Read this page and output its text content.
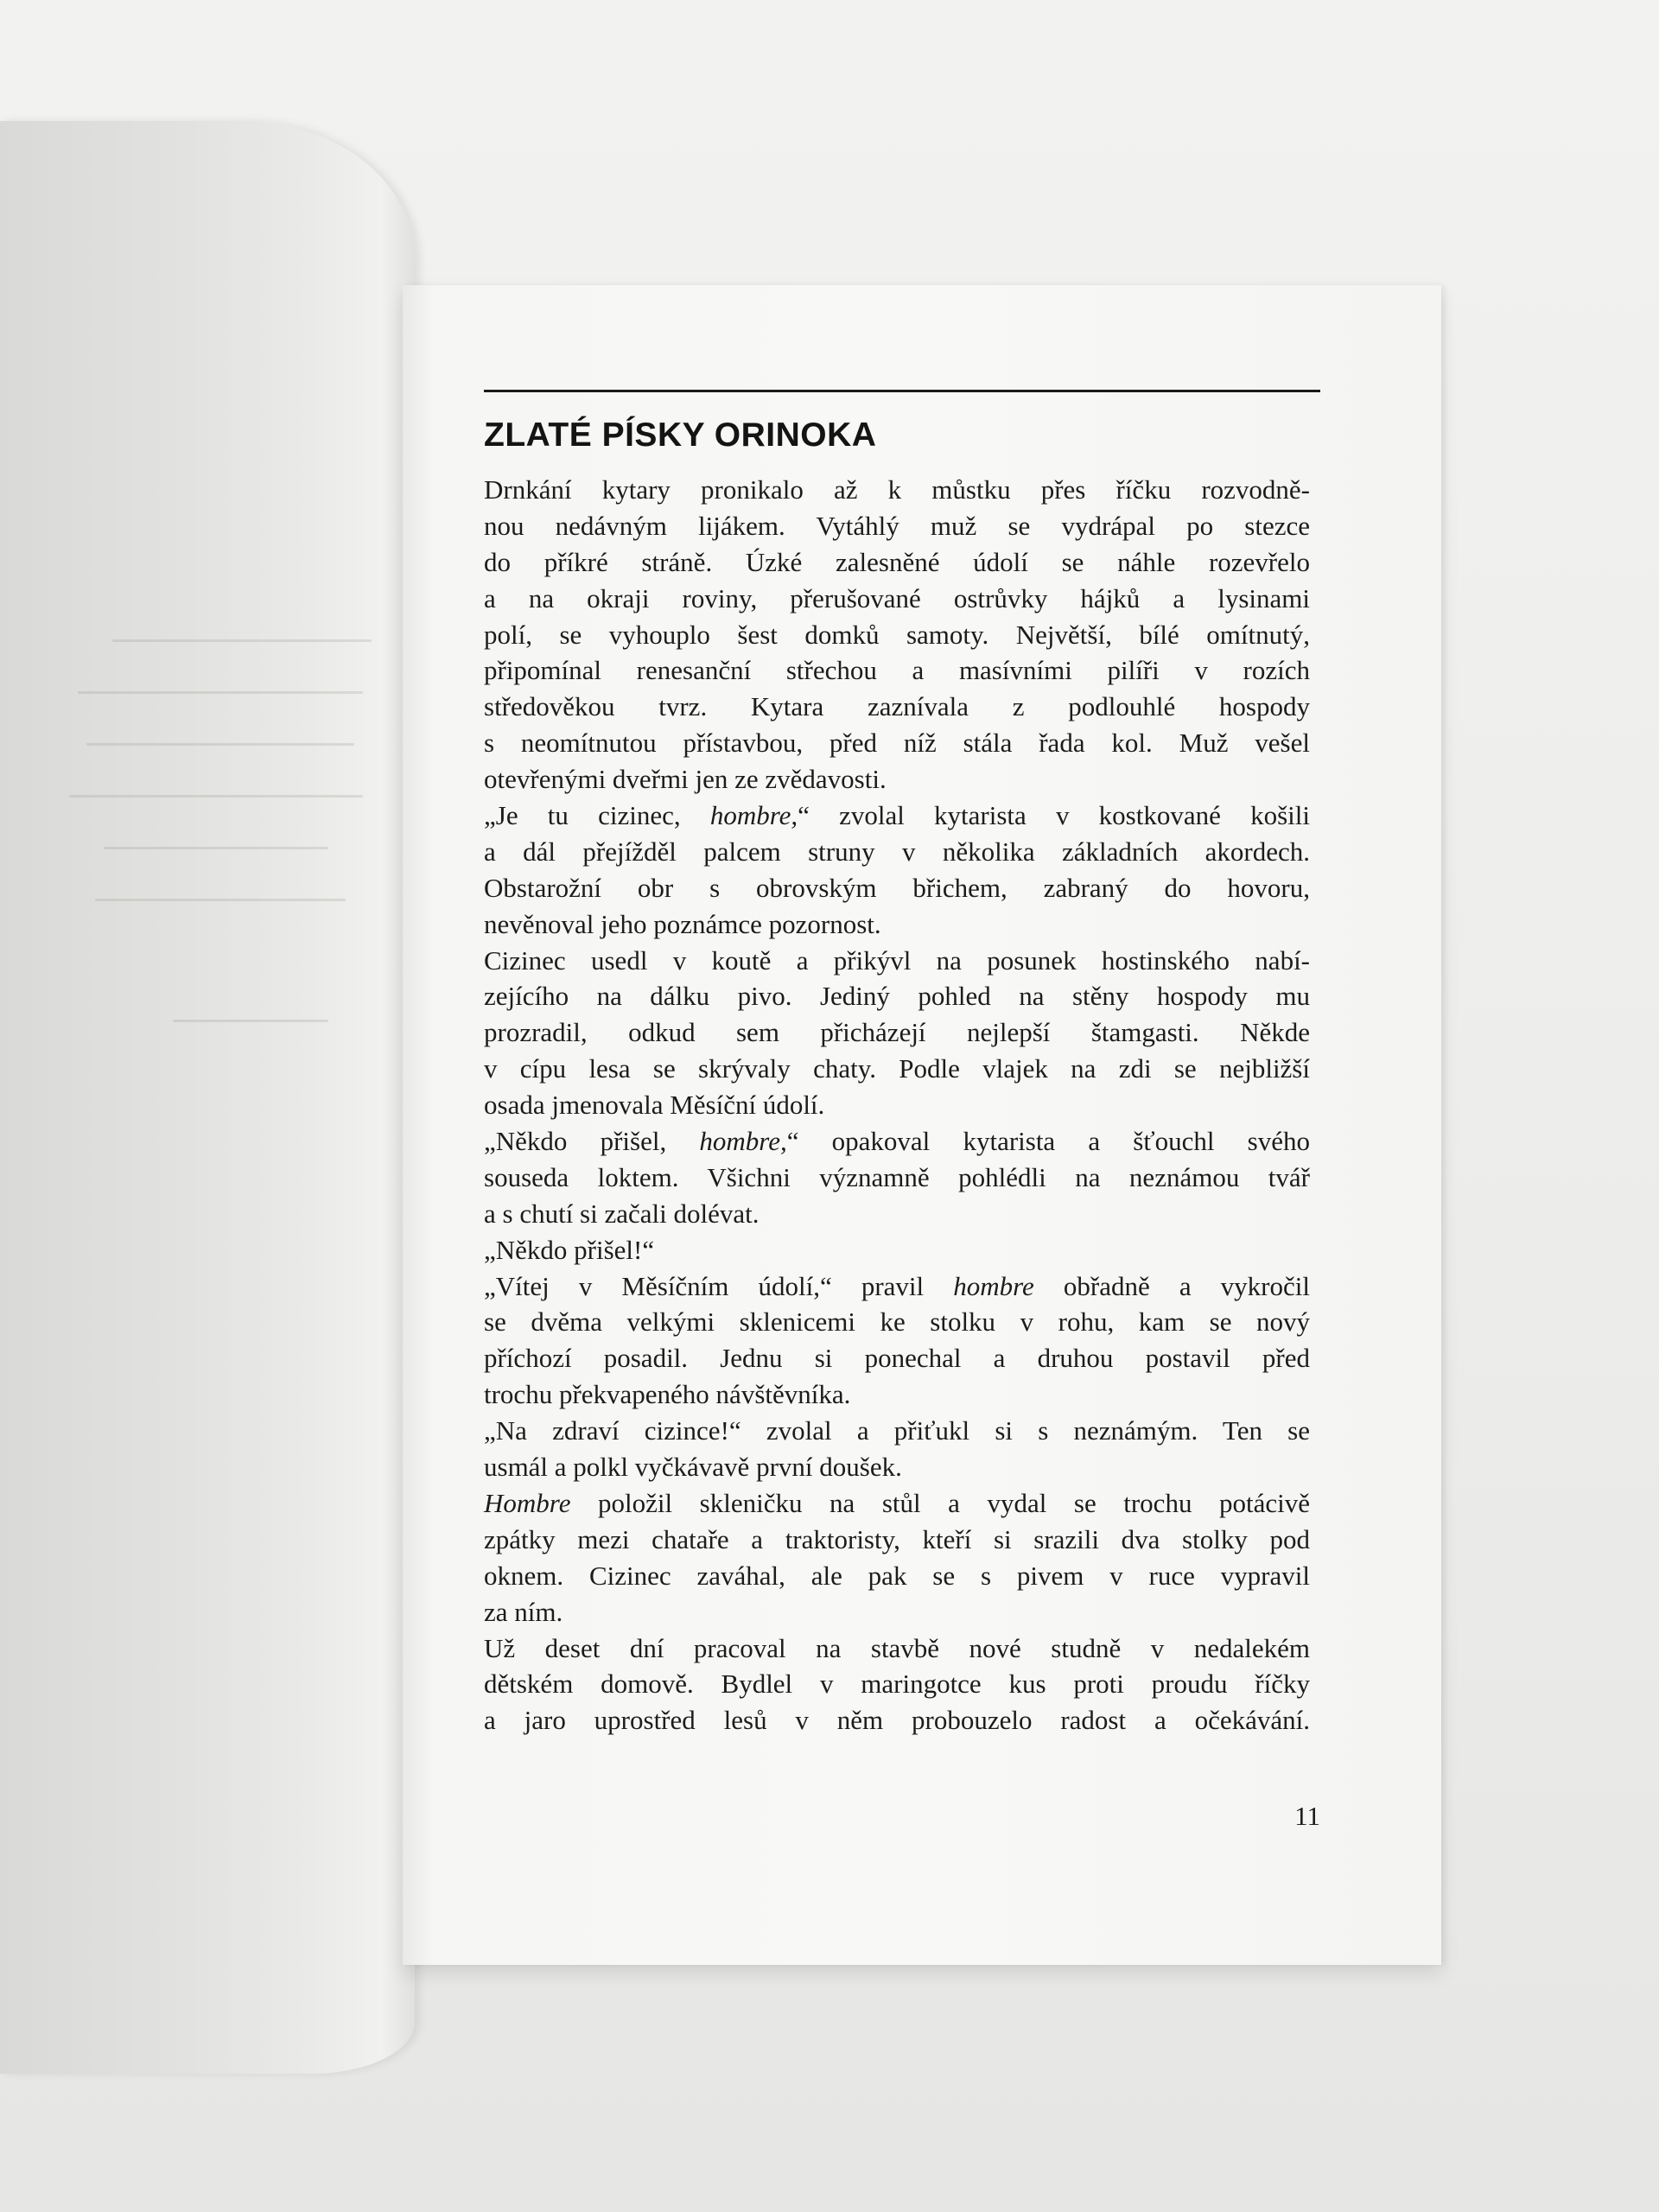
ZLATÉ PÍSKY ORINOKA
Drnkání kytary pronikalo až k můstku přes říčku rozvodně-
nou nedávným lijákem. Vytáhlý muž se vydrápal po stezce
do příkré stráně. Úzké zalesněné údolí se náhle rozevřelo
a na okraji roviny, přerušované ostrůvky hájků a lysinami
polí, se vyhouplo šest domků samoty. Největší, bílé omítnutý,
připomínal renesanční střechou a masívními pilíři v rozích
středověkou tvrz. Kytara zaznívala z podlouhlé hospody
s neomítnutou přístavbou, před níž stála řada kol. Muž vešel
otevřenými dveřmi jen ze zvědavosti.
„Je tu cizinec, hombre,“ zvolal kytarista v kostkované košili
a dál přejížděl palcem struny v několika základních akordech.
Obstarožní obr s obrovským břichem, zabraný do hovoru,
nevěnoval jeho poznámce pozornost.
Cizinec usedl v koutě a přikývl na posunek hostinského nabí-
zejícího na dálku pivo. Jediný pohled na stěny hospody mu
prozradil, odkud sem přicházejí nejlepší štamgasti. Někde
v cípu lesa se skrývaly chaty. Podle vlajek na zdi se nejbližší
osada jmenovala Měsíční údolí.
„Někdo přišel, hombre,“ opakoval kytarista a šťouchl svého
souseda loktem. Všichni významně pohlédli na neznámou tvář
a s chutí si začali dolévat.
„Někdo přišel!“
„Vítej v Měsíčním údolí,“ pravil hombre obřadně a vykročil
se dvěma velkými sklenicemi ke stolku v rohu, kam se nový
příchozí posadil. Jednu si ponechal a druhou postavil před
trochu překvapeného návštěvníka.
„Na zdraví cizince!“ zvolal a přiťukl si s neznámým. Ten se
usmál a polkl vyčkávavě první doušek.
Hombre položil skleničku na stůl a vydal se trochu potácivě
zpátky mezi chataře a traktoristy, kteří si srazili dva stolky pod
oknem. Cizinec zaváhal, ale pak se s pivem v ruce vypravil
za ním.
Už deset dní pracoval na stavbě nové studně v nedalekém
dětském domově. Bydlel v maringotce kus proti proudu říčky
a jaro uprostřed lesů v něm probouzelo radost a očekávání.
11
